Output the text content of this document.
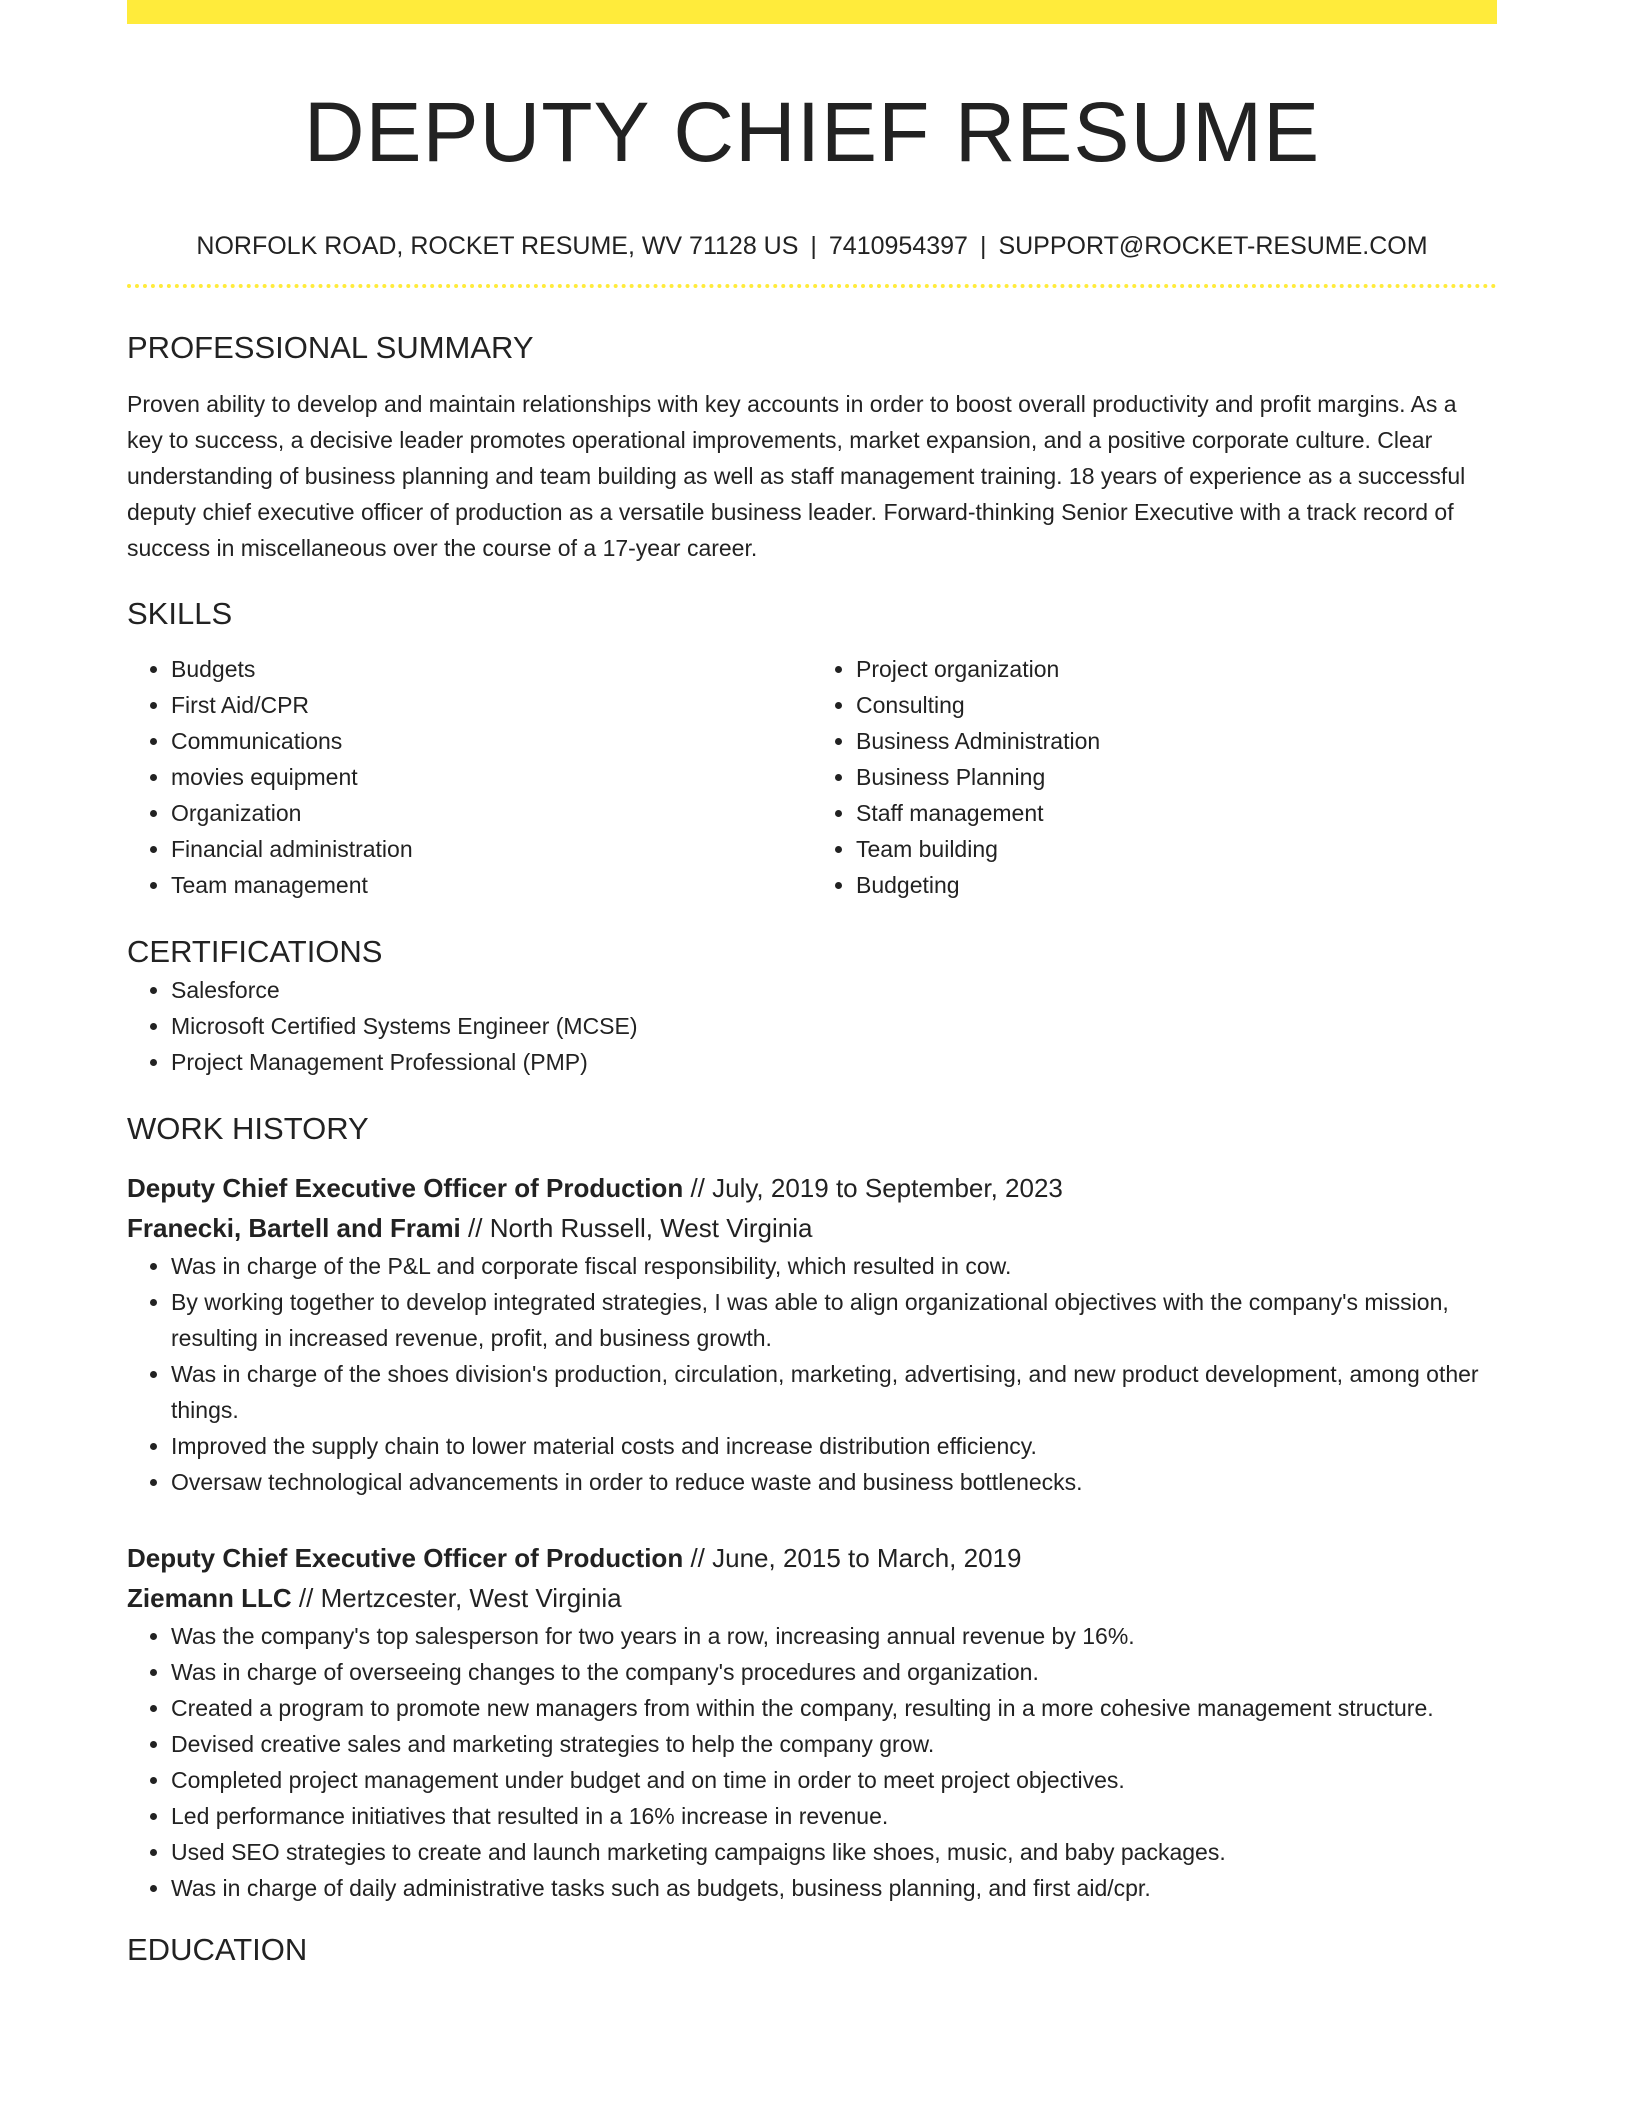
DEPUTY CHIEF RESUME
NORFOLK ROAD, ROCKET RESUME, WV 71128 US | 7410954397 | SUPPORT@ROCKET-RESUME.COM
PROFESSIONAL SUMMARY
Proven ability to develop and maintain relationships with key accounts in order to boost overall productivity and profit margins. As a key to success, a decisive leader promotes operational improvements, market expansion, and a positive corporate culture. Clear understanding of business planning and team building as well as staff management training. 18 years of experience as a successful deputy chief executive officer of production as a versatile business leader. Forward-thinking Senior Executive with a track record of success in miscellaneous over the course of a 17-year career.
SKILLS
• Budgets
• First Aid/CPR
• Communications
• movies equipment
• Organization
• Financial administration
• Team management
• Project organization
• Consulting
• Business Administration
• Business Planning
• Staff management
• Team building
• Budgeting
CERTIFICATIONS
• Salesforce
• Microsoft Certified Systems Engineer (MCSE)
• Project Management Professional (PMP)
WORK HISTORY
Deputy Chief Executive Officer of Production // July, 2019 to September, 2023
Franecki, Bartell and Frami // North Russell, West Virginia
• Was in charge of the P&L and corporate fiscal responsibility, which resulted in cow.
• By working together to develop integrated strategies, I was able to align organizational objectives with the company's mission, resulting in increased revenue, profit, and business growth.
• Was in charge of the shoes division's production, circulation, marketing, advertising, and new product development, among other things.
• Improved the supply chain to lower material costs and increase distribution efficiency.
• Oversaw technological advancements in order to reduce waste and business bottlenecks.
Deputy Chief Executive Officer of Production // June, 2015 to March, 2019
Ziemann LLC // Mertzcester, West Virginia
• Was the company's top salesperson for two years in a row, increasing annual revenue by 16%.
• Was in charge of overseeing changes to the company's procedures and organization.
• Created a program to promote new managers from within the company, resulting in a more cohesive management structure.
• Devised creative sales and marketing strategies to help the company grow.
• Completed project management under budget and on time in order to meet project objectives.
• Led performance initiatives that resulted in a 16% increase in revenue.
• Used SEO strategies to create and launch marketing campaigns like shoes, music, and baby packages.
• Was in charge of daily administrative tasks such as budgets, business planning, and first aid/cpr.
EDUCATION
